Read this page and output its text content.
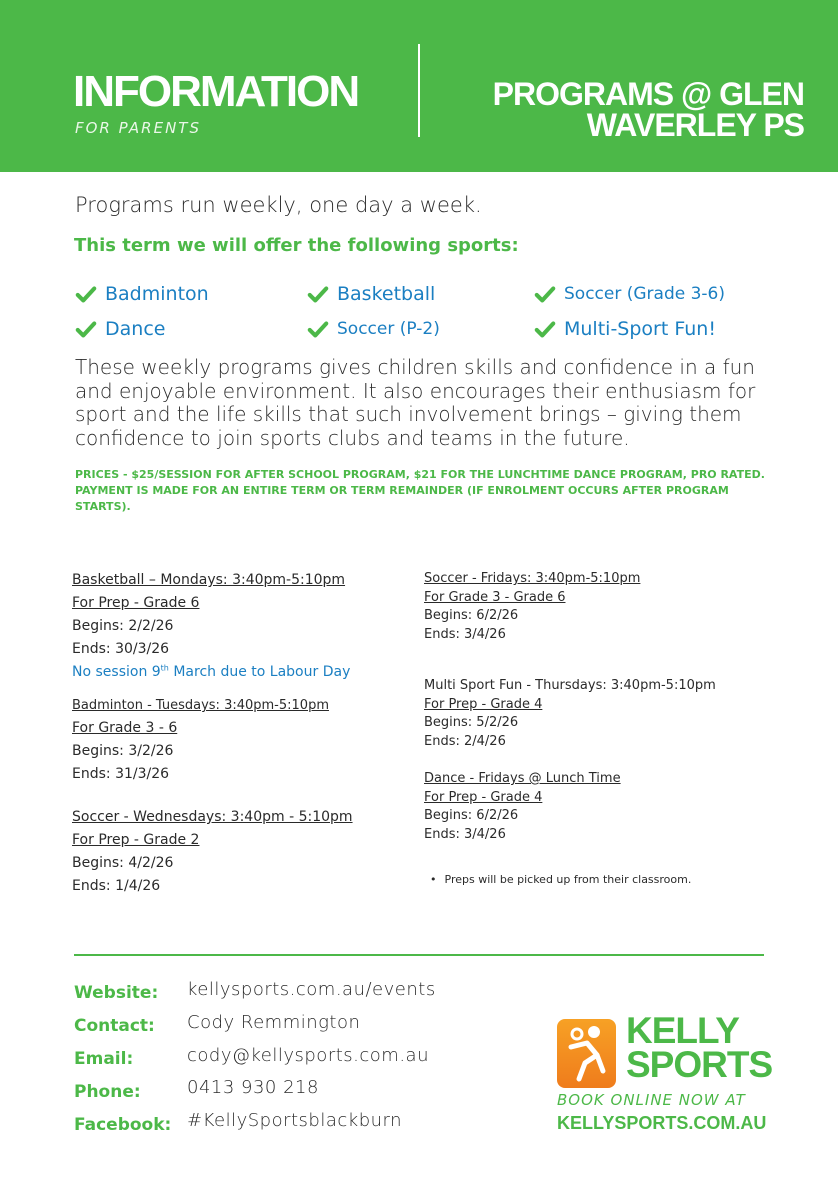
INFORMATION
FOR PARENTS
PROGRAMS @ GLEN WAVERLEY PS
Programs run weekly, one day a week.
This term we will offer the following sports:
Badminton	Basketball	Soccer (Grade 3-6)
Dance	Soccer (P-2)	Multi-Sport Fun!
These weekly programs gives children skills and confidence in a fun and enjoyable environment. It also encourages their enthusiasm for sport and the life skills that such involvement brings – giving them confidence to join sports clubs and teams in the future.
PRICES - $25/SESSION FOR AFTER SCHOOL PROGRAM, $21 FOR THE LUNCHTIME DANCE PROGRAM, PRO RATED. PAYMENT IS MADE FOR AN ENTIRE TERM OR TERM REMAINDER (IF ENROLMENT OCCURS AFTER PROGRAM STARTS).
Basketball – Mondays: 3:40pm-5:10pm
For Prep - Grade 6
Begins: 2/2/26
Ends: 30/3/26
No session 9th March due to Labour Day
Badminton - Tuesdays: 3:40pm-5:10pm
For Grade 3 - 6
Begins: 3/2/26
Ends: 31/3/26
Soccer - Wednesdays: 3:40pm - 5:10pm
For Prep - Grade 2
Begins: 4/2/26
Ends: 1/4/26
Soccer - Fridays: 3:40pm-5:10pm
For Grade 3 - Grade 6
Begins: 6/2/26
Ends: 3/4/26
Multi Sport Fun - Thursdays: 3:40pm-5:10pm
For Prep - Grade 4
Begins: 5/2/26
Ends: 2/4/26
Dance - Fridays @ Lunch Time
For Prep - Grade 4
Begins: 6/2/26
Ends: 3/4/26
• Preps will be picked up from their classroom.
Website: kellysports.com.au/events
Contact: Cody Remmington
Email:	cody@kellysports.com.au
Phone:	0413 930 218
Facebook: #KellySportsblackburn
KELLY
SPORTS
BOOK ONLINE NOW AT
KELLYSPORTS.COM.AU
